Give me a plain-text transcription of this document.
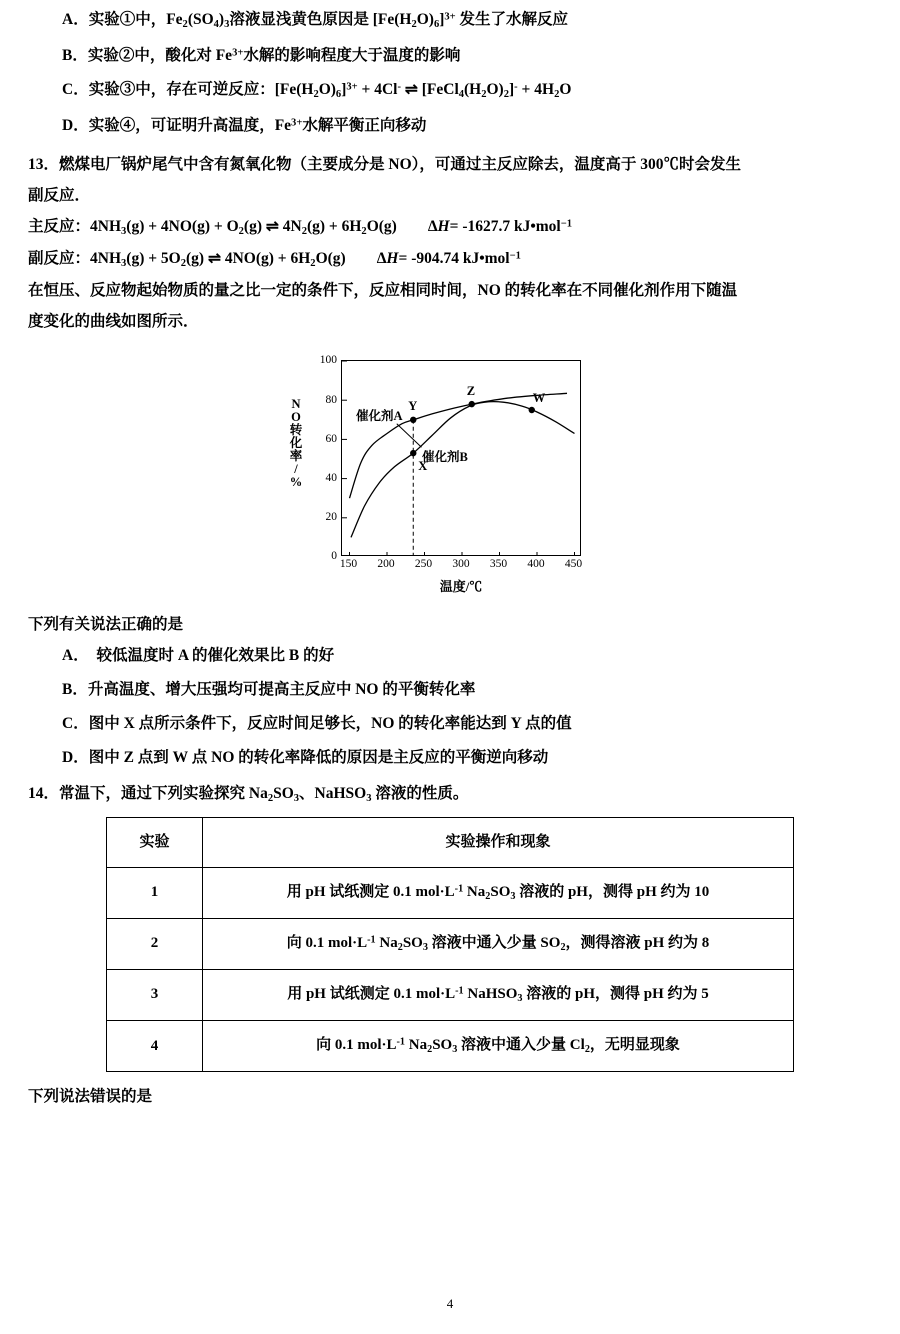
A．实验①中，$Fe_2(SO_4)_3$溶液显浅黄色原因是 $[Fe(H_2O)_6]^{3+}$ 发生了水解反应
B．实验②中，酸化对 $Fe^{3+}$水解的影响程度大于温度的影响
C．实验③中，存在可逆反应：$[Fe(H_2O)_6]^{3+} + 4Cl^-$ ⇌ $[FeCl_4(H_2O)_2]^- + 4H_2O$
D．实验④，可证明升高温度，$Fe^{3+}$水解平衡正向移动
13．燃煤电厂锅炉尾气中含有氮氧化物（主要成分是 NO），可通过主反应除去，温度高于 300℃时会发生
副反应．
主反应：$4NH_3(g) + 4NO(g) + O_2(g)$ ⇌ $4N_2(g) + 6H_2O(g)$　　ΔH= -1627.7 kJ•mol$^{-1}$
副反应：$4NH_3(g) + 5O_2(g)$ ⇌ $4NO(g) + 6H_2O(g)$　　ΔH= -904.74 kJ•mol$^{-1}$
在恒压、反应物起始物质的量之比一定的条件下，反应相同时间，NO 的转化率在不同催化剂作用下随温
度变化的曲线如图所示．
N
O
转
化
率
/
%
0
20
40
60
80
100
150 200 250 300 350 400 450
温度/℃
X
Y
Z
W
催化剂A
催化剂B
下列有关说法正确的是
A．　较低温度时 A 的催化效果比 B 的好
B．升高温度、增大压强均可提高主反应中 NO 的平衡转化率
C．图中 X 点所示条件下，反应时间足够长，NO 的转化率能达到 Y 点的值
D．图中 Z 点到 W 点 NO 的转化率降低的原因是主反应的平衡逆向移动
14．常温下，通过下列实验探究 $Na_2SO_3$、NaHSO$_3$ 溶液的性质。
实验	实验操作和现象
1	用 pH 试纸测定 0.1 $mol\cdot L^{-1}$ $Na_2SO_3$ 溶液的 pH，测得 pH 约为 10
2	向 0.1 $mol\cdot L^{-1}$ $Na_2SO_3$ 溶液中通入少量 $SO_2$，测得溶液 pH 约为 8
3	用 pH 试纸测定 0.1 $mol\cdot L^{-1}$ NaHSO$_3$ 溶液的 pH，测得 pH 约为 5
4	向 0.1 $mol\cdot L^{-1}$ $Na_2SO_3$ 溶液中通入少量 $Cl_2$，无明显现象
下列说法错误的是
4
